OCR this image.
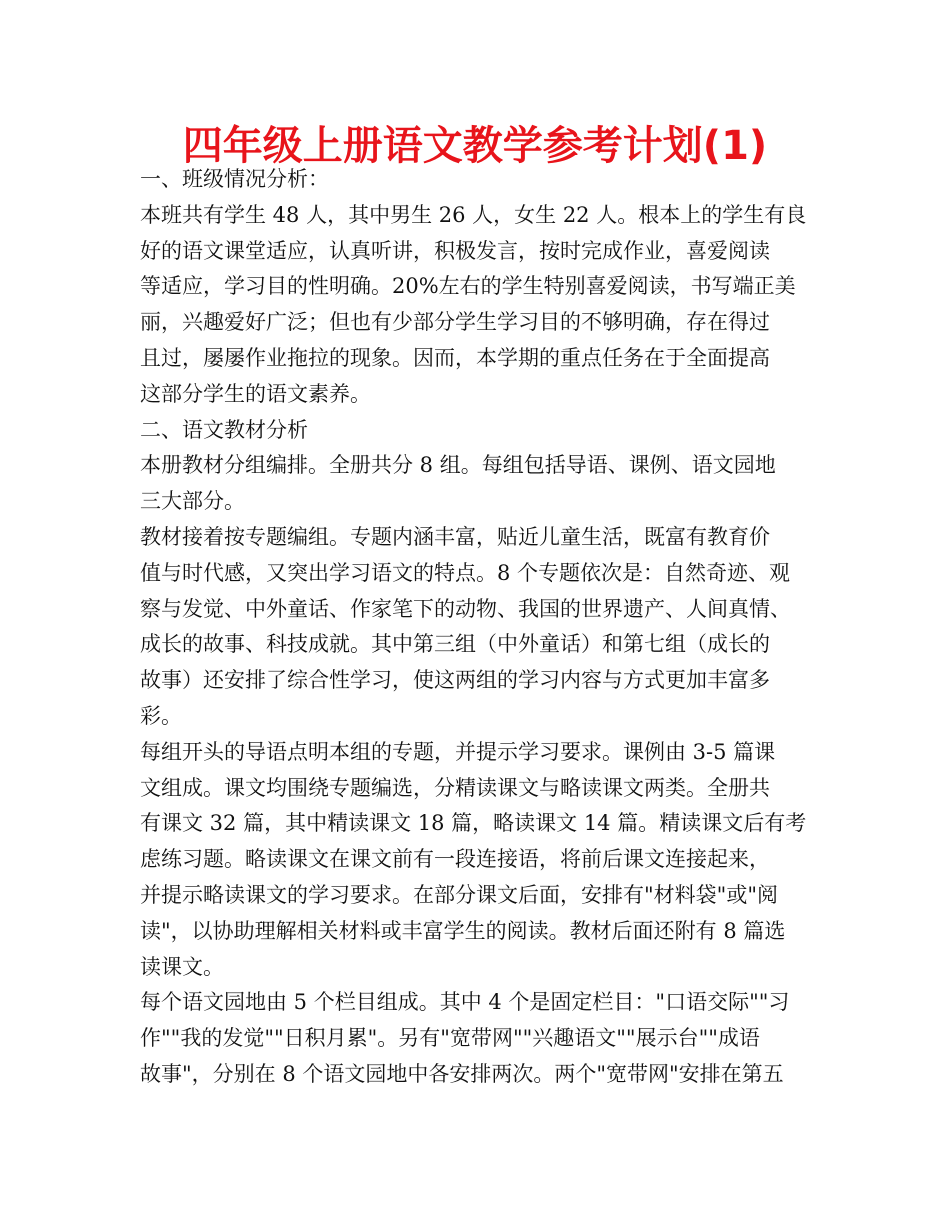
四年级上册语文教学参考计划(1)

一、班级情况分析：

本班共有学生 48 人，其中男生 26 人，女生 22 人。根本上的学生有良

好的语文课堂适应，认真听讲，积极发言，按时完成作业，喜爱阅读

等适应，学习目的性明确。20%左右的学生特别喜爱阅读，书写端正美

丽，兴趣爱好广泛；但也有少部分学生学习目的不够明确，存在得过

且过，屡屡作业拖拉的现象。因而，本学期的重点任务在于全面提高

这部分学生的语文素养。

二、语文教材分析

本册教材分组编排。全册共分 8 组。每组包括导语、课例、语文园地

三大部分。

教材接着按专题编组。专题内涵丰富，贴近儿童生活，既富有教育价

值与时代感，又突出学习语文的特点。8 个专题依次是：自然奇迹、观

察与发觉、中外童话、作家笔下的动物、我国的世界遗产、人间真情、

成长的故事、科技成就。其中第三组（中外童话）和第七组（成长的

故事）还安排了综合性学习，使这两组的学习内容与方式更加丰富多

彩。

每组开头的导语点明本组的专题，并提示学习要求。课例由 3-5 篇课

文组成。课文均围绕专题编选，分精读课文与略读课文两类。全册共

有课文 32 篇，其中精读课文 18 篇，略读课文 14 篇。精读课文后有考

虑练习题。略读课文在课文前有一段连接语，将前后课文连接起来，

并提示略读课文的学习要求。在部分课文后面，安排有"材料袋"或"阅

读"，以协助理解相关材料或丰富学生的阅读。教材后面还附有 8 篇选

读课文。

每个语文园地由 5 个栏目组成。其中 4 个是固定栏目："口语交际""习

作""我的发觉""日积月累"。另有"宽带网""兴趣语文""展示台""成语

故事"，分别在 8 个语文园地中各安排两次。两个"宽带网"安排在第五
